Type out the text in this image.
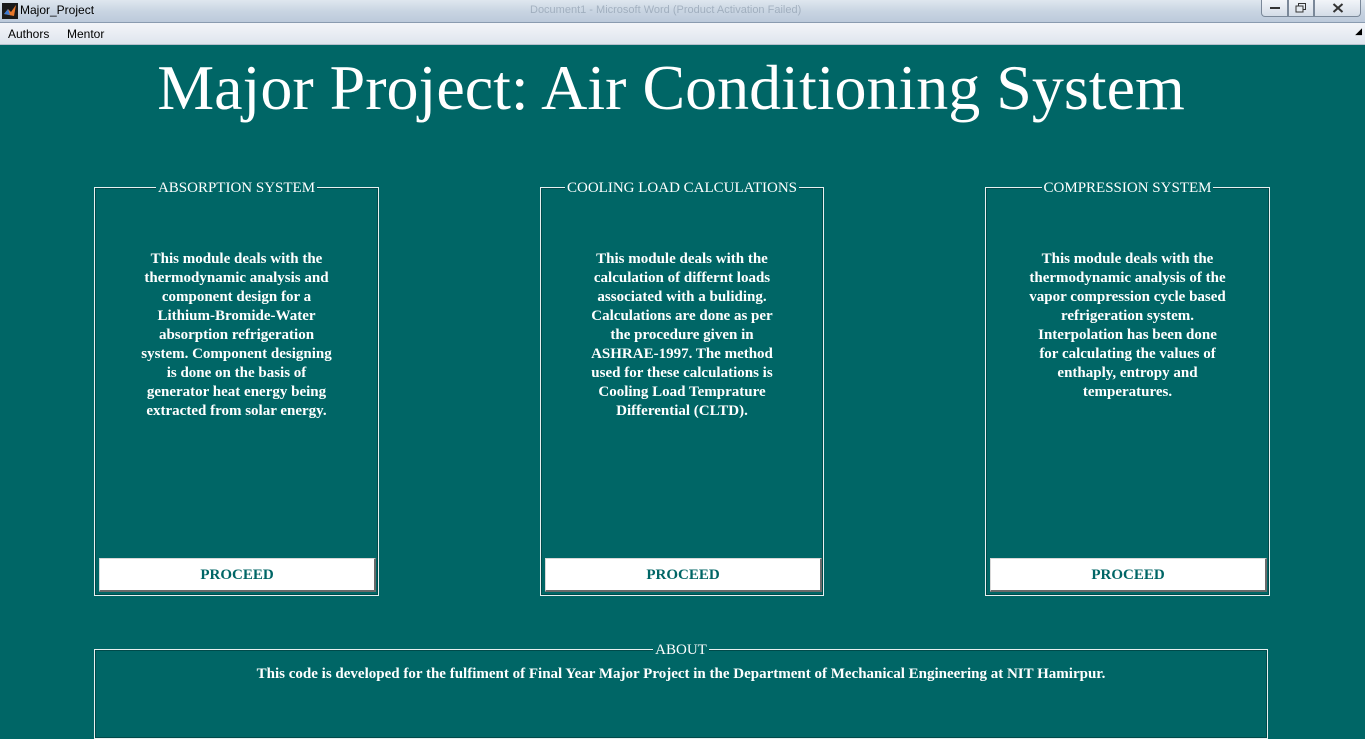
Major_Project	Document1 - Microsoft Word (Product Activation Failed)
Authors Mentor	◢
Major Project: Air Conditioning System
ABSORPTION SYSTEM
This module deals with the thermodynamic analysis and component design for a Lithium-Bromide-Water absorption refrigeration system. Component designing is done on the basis of generator heat energy being extracted from solar energy.
PROCEED
COOLING LOAD CALCULATIONS
This module deals with the calculation of differnt loads associated with a buliding. Calculations are done as per the procedure given in ASHRAE-1997. The method used for these calculations is Cooling Load Temprature Differential (CLTD).
PROCEED
COMPRESSION SYSTEM
This module deals with the thermodynamic analysis of the vapor compression cycle based refrigeration system. Interpolation has been done for calculating the values of enthaply, entropy and temperatures.
PROCEED
ABOUT
This code is developed for the fulfiment of Final Year Major Project in the Department of Mechanical Engineering at NIT Hamirpur.
